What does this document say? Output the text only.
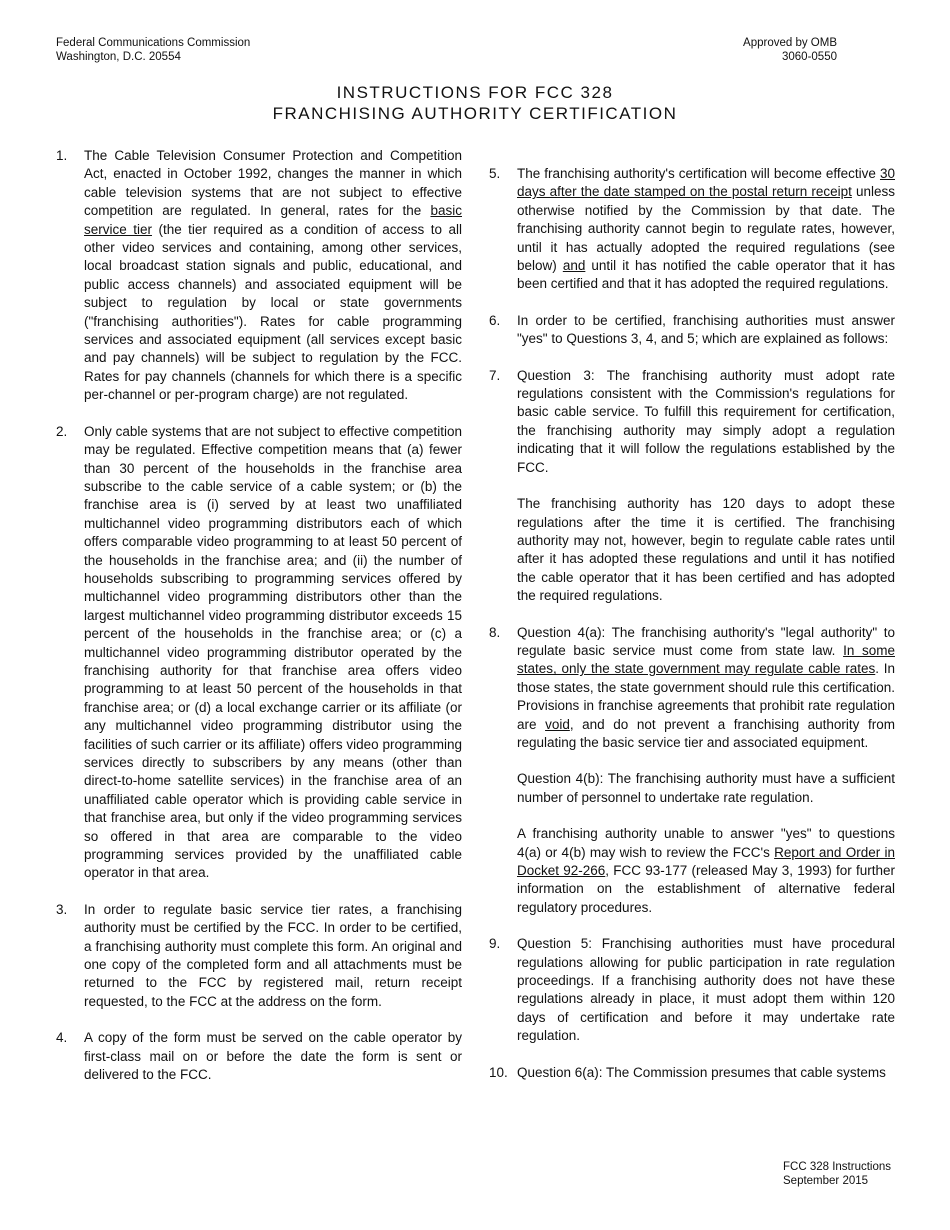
Federal Communications Commission
Washington, D.C. 20554
Approved by OMB
3060-0550
INSTRUCTIONS FOR FCC 328
FRANCHISING AUTHORITY CERTIFICATION
1. The Cable Television Consumer Protection and Competition Act, enacted in October 1992, changes the manner in which cable television systems that are not subject to effective competition are regulated. In general, rates for the basic service tier (the tier required as a condition of access to all other video services and containing, among other services, local broadcast station signals and public, educational, and public access channels) and associated equipment will be subject to regulation by local or state governments ("franchising authorities"). Rates for cable programming services and associated equipment (all services except basic and pay channels) will be subject to regulation by the FCC. Rates for pay channels (channels for which there is a specific per-channel or per-program charge) are not regulated.

2. Only cable systems that are not subject to effective competition may be regulated. Effective competition means that (a) fewer than 30 percent of the households in the franchise area subscribe to the cable service of a cable system; or (b) the franchise area is (i) served by at least two unaffiliated multichannel video programming distributors each of which offers comparable video programming to at least 50 percent of the households in the franchise area; and (ii) the number of households subscribing to programming services offered by multichannel video programming distributors other than the largest multichannel video programming distributor exceeds 15 percent of the households in the franchise area; or (c) a multichannel video programming distributor operated by the franchising authority for that franchise area offers video programming to at least 50 percent of the households in that franchise area; or (d) a local exchange carrier or its affiliate (or any multichannel video programming distributor using the facilities of such carrier or its affiliate) offers video programming services directly to subscribers by any means (other than direct-to-home satellite services) in the franchise area of an unaffiliated cable operator which is providing cable service in that franchise area, but only if the video programming services so offered in that area are comparable to the video programming services provided by the unaffiliated cable operator in that area.

3. In order to regulate basic service tier rates, a franchising authority must be certified by the FCC. In order to be certified, a franchising authority must complete this form. An original and one copy of the completed form and all attachments must be returned to the FCC by registered mail, return receipt requested, to the FCC at the address on the form.

4. A copy of the form must be served on the cable operator by first-class mail on or before the date the form is sent or delivered to the FCC.

5. The franchising authority's certification will become effective 30 days after the date stamped on the postal return receipt unless otherwise notified by the Commission by that date. The franchising authority cannot begin to regulate rates, however, until it has actually adopted the required regulations (see below) and until it has notified the cable operator that it has been certified and that it has adopted the required regulations.

6. In order to be certified, franchising authorities must answer "yes" to Questions 3, 4, and 5; which are explained as follows:

7. Question 3: The franchising authority must adopt rate regulations consistent with the Commission's regulations for basic cable service. To fulfill this requirement for certification, the franchising authority may simply adopt a regulation indicating that it will follow the regulations established by the FCC.

The franchising authority has 120 days to adopt these regulations after the time it is certified. The franchising authority may not, however, begin to regulate cable rates until after it has adopted these regulations and until it has notified the cable operator that it has been certified and has adopted the required regulations.

8. Question 4(a): The franchising authority's "legal authority" to regulate basic service must come from state law. In some states, only the state government may regulate cable rates. In those states, the state government should rule this certification. Provisions in franchise agreements that prohibit rate regulation are void, and do not prevent a franchising authority from regulating the basic service tier and associated equipment.

Question 4(b): The franchising authority must have a sufficient number of personnel to undertake rate regulation.

A franchising authority unable to answer "yes" to questions 4(a) or 4(b) may wish to review the FCC's Report and Order in Docket 92-266, FCC 93-177 (released May 3, 1993) for further information on the establishment of alternative federal regulatory procedures.

9. Question 5: Franchising authorities must have procedural regulations allowing for public participation in rate regulation proceedings. If a franchising authority does not have these regulations already in place, it must adopt them within 120 days of certification and before it may undertake rate regulation.

10. Question 6(a): The Commission presumes that cable systems

FCC 328 Instructions
September 2015
